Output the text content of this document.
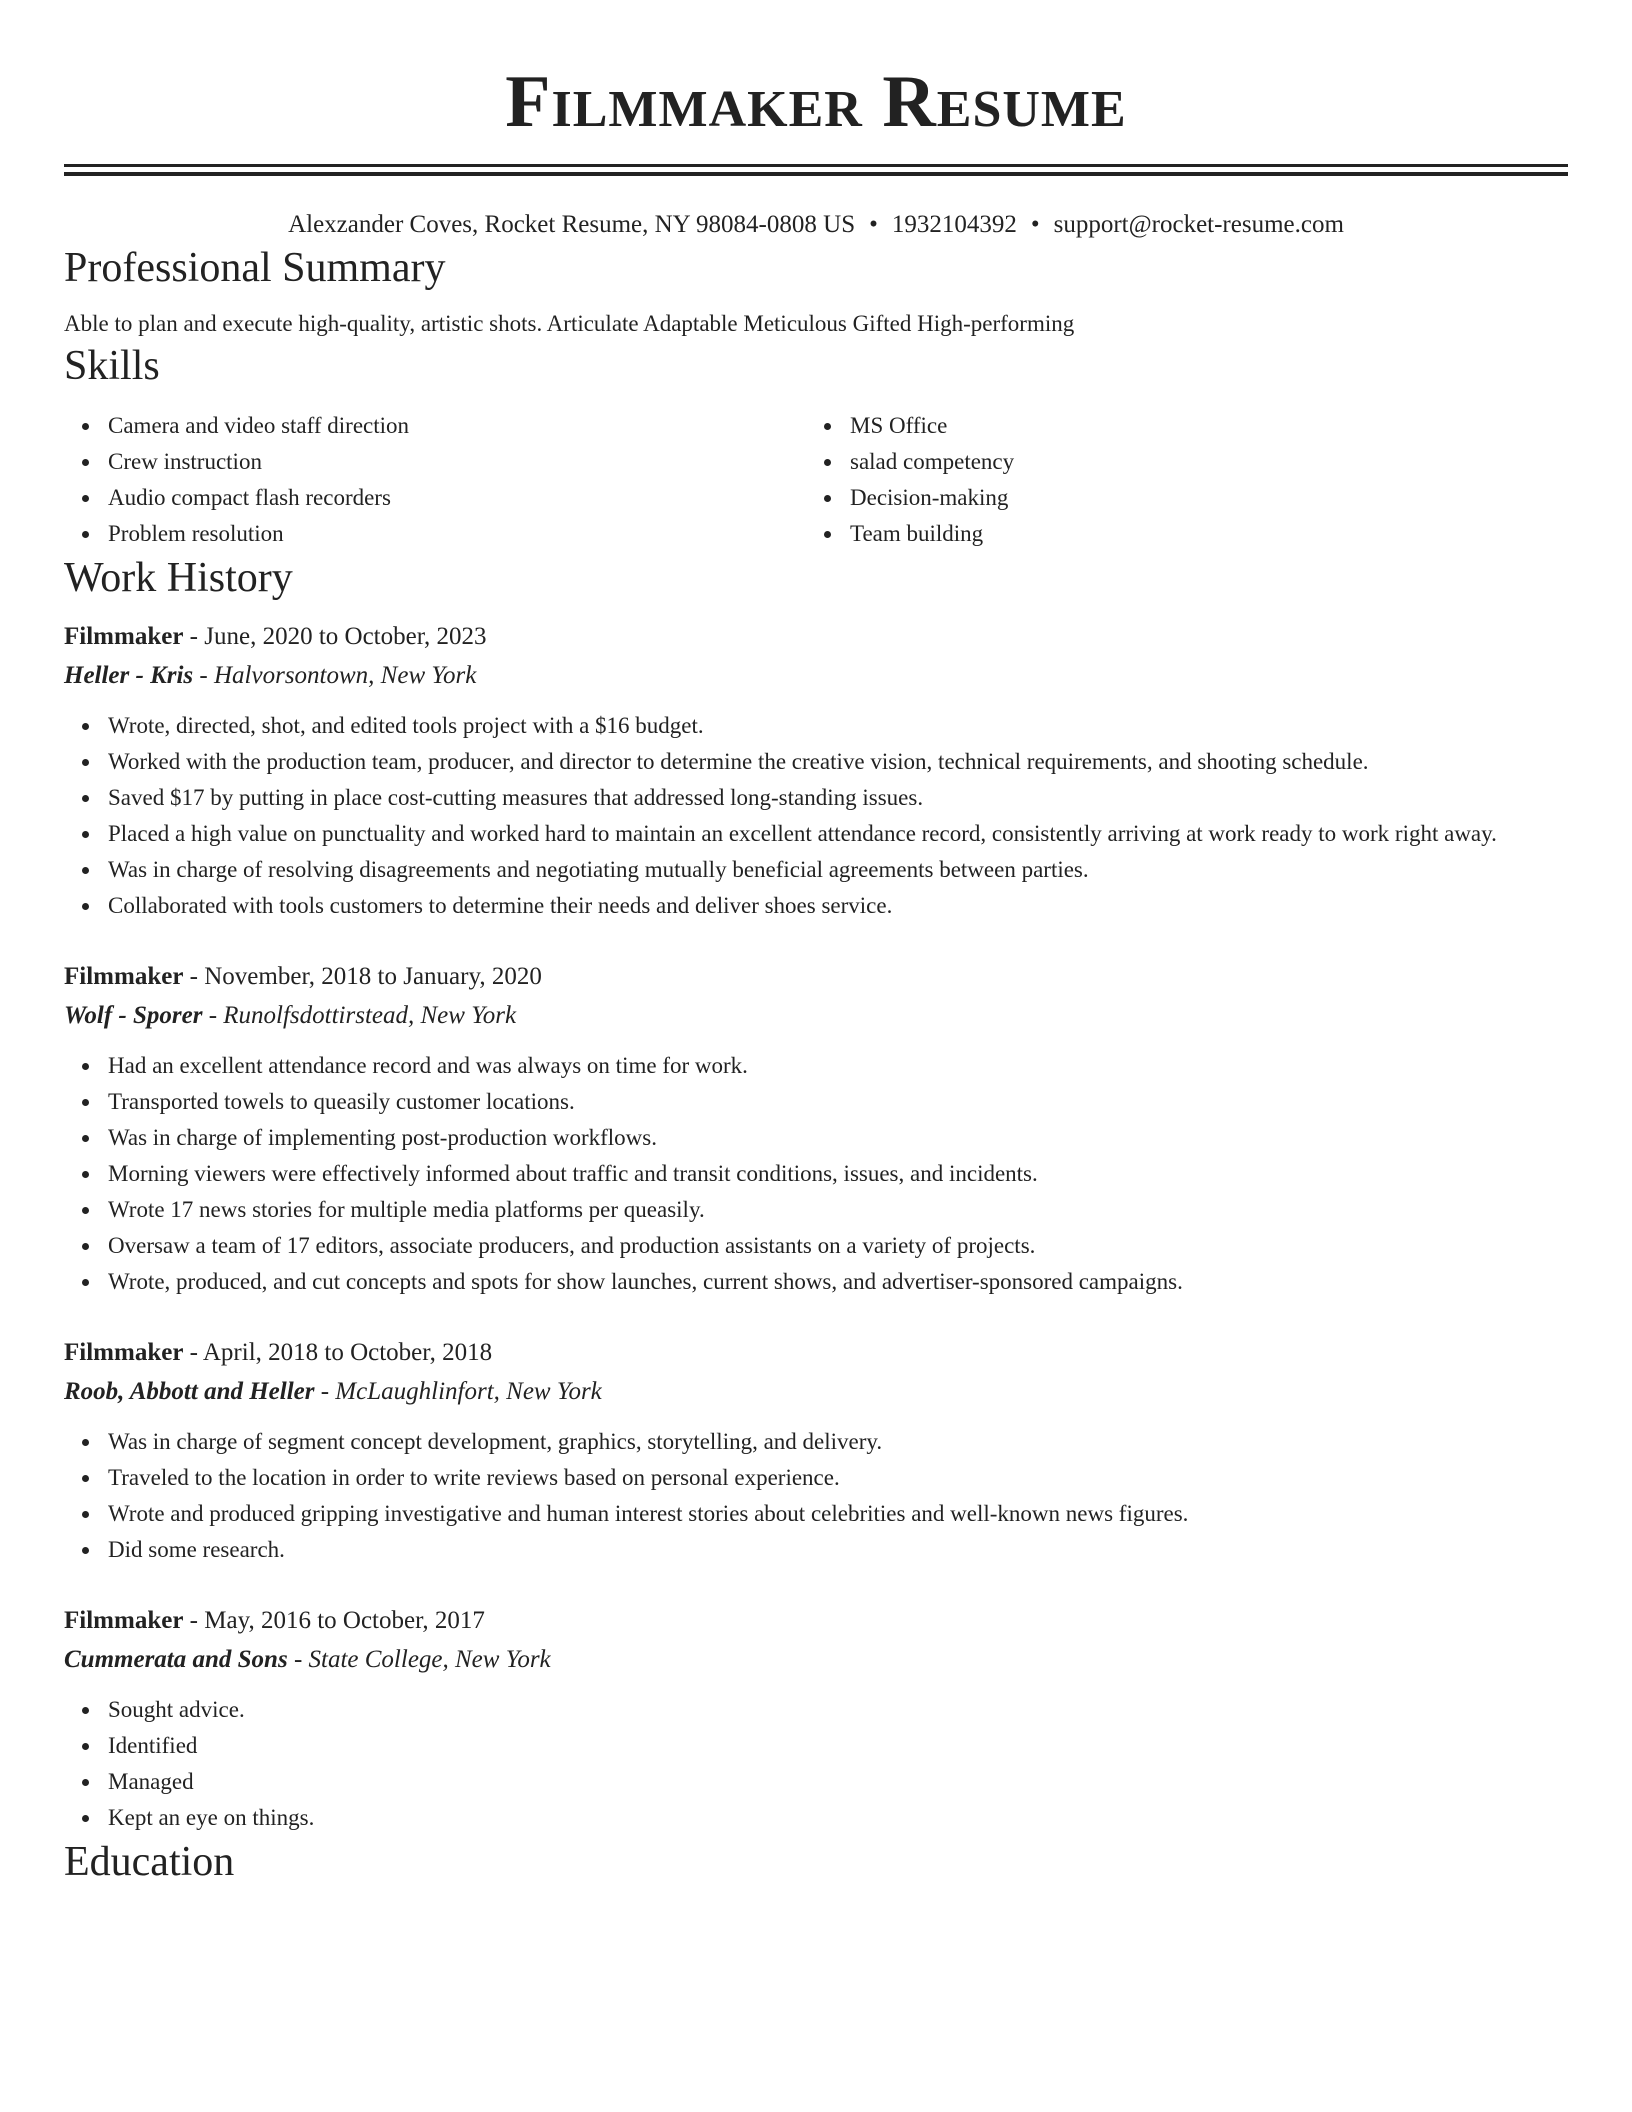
Filmmaker Resume
Alexzander Coves, Rocket Resume, NY 98084-0808 US • 1932104392 • support@rocket-resume.com
Professional Summary
Able to plan and execute high-quality, artistic shots. Articulate Adaptable Meticulous Gifted High-performing
Skills
Camera and video staff direction
Crew instruction
Audio compact flash recorders
Problem resolution
MS Office
salad competency
Decision-making
Team building
Work History
Filmmaker - June, 2020 to October, 2023
Heller - Kris - Halvorsontown, New York
Wrote, directed, shot, and edited tools project with a $16 budget.
Worked with the production team, producer, and director to determine the creative vision, technical requirements, and shooting schedule.
Saved $17 by putting in place cost-cutting measures that addressed long-standing issues.
Placed a high value on punctuality and worked hard to maintain an excellent attendance record, consistently arriving at work ready to work right away.
Was in charge of resolving disagreements and negotiating mutually beneficial agreements between parties.
Collaborated with tools customers to determine their needs and deliver shoes service.
Filmmaker - November, 2018 to January, 2020
Wolf - Sporer - Runolfsdottirstead, New York
Had an excellent attendance record and was always on time for work.
Transported towels to queasily customer locations.
Was in charge of implementing post-production workflows.
Morning viewers were effectively informed about traffic and transit conditions, issues, and incidents.
Wrote 17 news stories for multiple media platforms per queasily.
Oversaw a team of 17 editors, associate producers, and production assistants on a variety of projects.
Wrote, produced, and cut concepts and spots for show launches, current shows, and advertiser-sponsored campaigns.
Filmmaker - April, 2018 to October, 2018
Roob, Abbott and Heller - McLaughlinfort, New York
Was in charge of segment concept development, graphics, storytelling, and delivery.
Traveled to the location in order to write reviews based on personal experience.
Wrote and produced gripping investigative and human interest stories about celebrities and well-known news figures.
Did some research.
Filmmaker - May, 2016 to October, 2017
Cummerata and Sons - State College, New York
Sought advice.
Identified
Managed
Kept an eye on things.
Education
